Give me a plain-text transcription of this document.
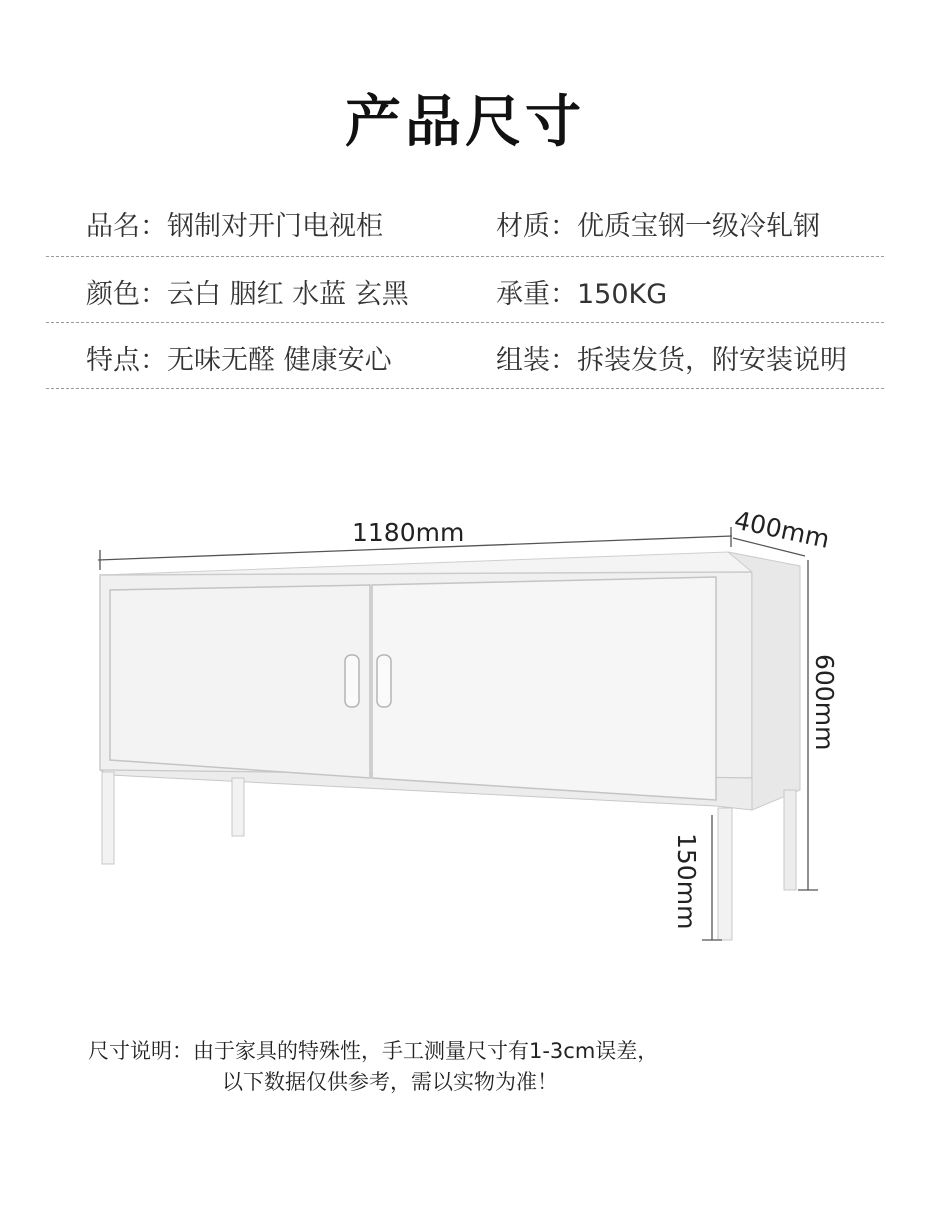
产品尺寸
品名：钢制对开门电视柜	材质：优质宝钢一级冷轧钢
颜色：云白 胭红 水蓝 玄黑	承重：150KG
特点：无味无醛 健康安心	组装：拆装发货，附安装说明
1180mm	400mm
600mm
150mm
尺寸说明：由于家具的特殊性，手工测量尺寸有1-3cm误差，
以下数据仅供参考，需以实物为准！
